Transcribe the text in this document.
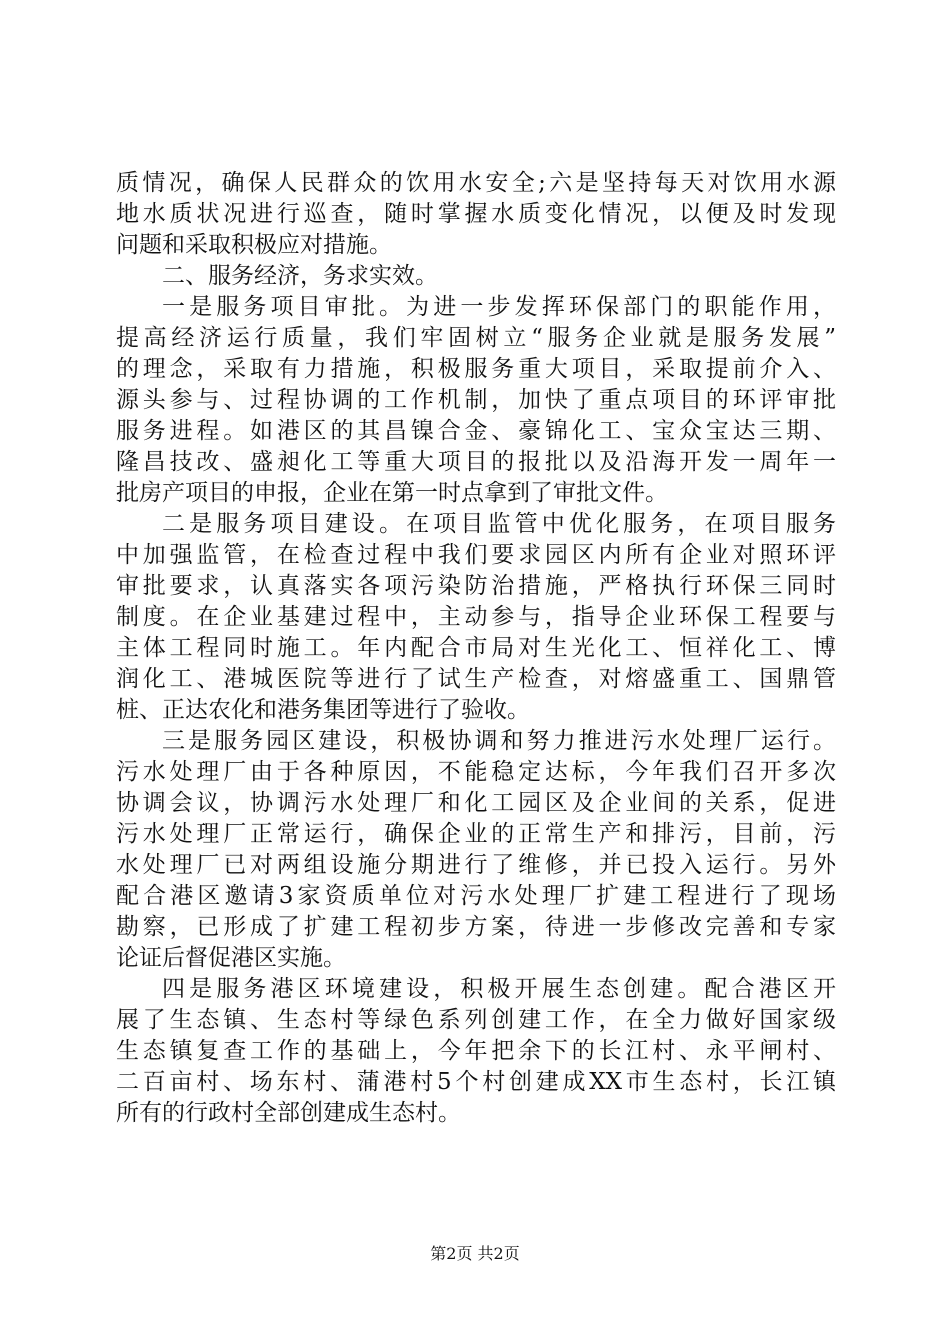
质情况，确保人民群众的饮用水安全;六是坚持每天对饮用水源
地水质状况进行巡查，随时掌握水质变化情况，以便及时发现
问题和采取积极应对措施。
二、服务经济，务求实效。
一是服务项目审批。为进一步发挥环保部门的职能作用，
提高经济运行质量，我们牢固树立“服务企业就是服务发展”
的理念，采取有力措施，积极服务重大项目，采取提前介入、
源头参与、过程协调的工作机制，加快了重点项目的环评审批
服务进程。如港区的其昌镍合金、豪锦化工、宝众宝达三期、
隆昌技改、盛昶化工等重大项目的报批以及沿海开发一周年一
批房产项目的申报，企业在第一时点拿到了审批文件。
二是服务项目建设。在项目监管中优化服务，在项目服务
中加强监管，在检查过程中我们要求园区内所有企业对照环评
审批要求，认真落实各项污染防治措施，严格执行环保三同时
制度。在企业基建过程中，主动参与，指导企业环保工程要与
主体工程同时施工。年内配合市局对生光化工、恒祥化工、博
润化工、港城医院等进行了试生产检查，对熔盛重工、国鼎管
桩、正达农化和港务集团等进行了验收。
三是服务园区建设，积极协调和努力推进污水处理厂运行。
污水处理厂由于各种原因，不能稳定达标，今年我们召开多次
协调会议，协调污水处理厂和化工园区及企业间的关系，促进
污水处理厂正常运行，确保企业的正常生产和排污，目前，污
水处理厂已对两组设施分期进行了维修，并已投入运行。另外
配合港区邀请3家资质单位对污水处理厂扩建工程进行了现场
勘察，已形成了扩建工程初步方案，待进一步修改完善和专家
论证后督促港区实施。
四是服务港区环境建设，积极开展生态创建。配合港区开
展了生态镇、生态村等绿色系列创建工作，在全力做好国家级
生态镇复查工作的基础上，今年把余下的长江村、永平闸村、
二百亩村、场东村、蒲港村5个村创建成XX市生态村，长江镇
所有的行政村全部创建成生态村。
第2页 共2页
